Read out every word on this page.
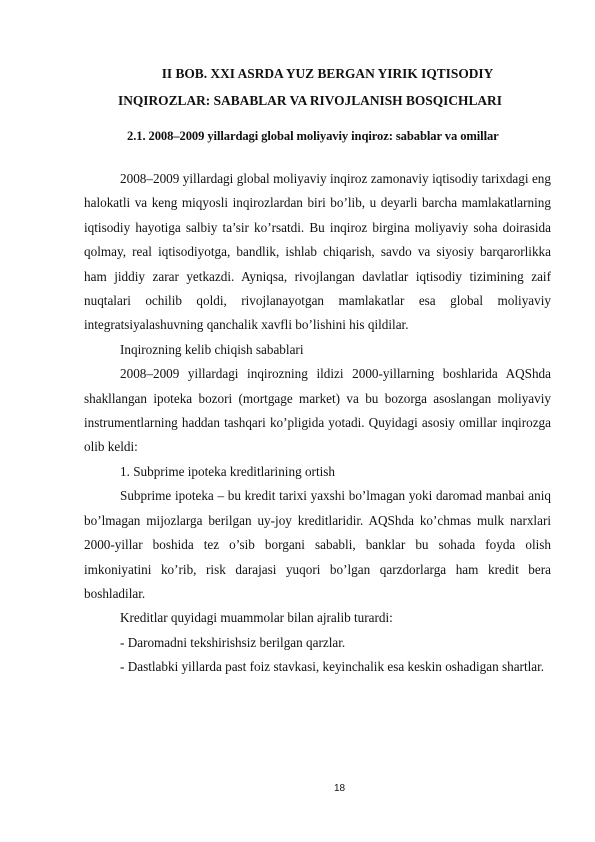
II BOB. XXI ASRDA YUZ BERGAN YIRIK IQTISODIY
INQIROZLAR: SABABLAR VA RIVOJLANISH BOSQICHLARI
2.1. 2008–2009 yillardagi global moliyaviy inqiroz: sabablar va omillar

2008–2009 yillardagi global moliyaviy inqiroz zamonaviy iqtisodiy tarixdagi eng halokatli va keng miqyosli inqirozlardan biri bo’lib, u deyarli barcha mamlakatlarning iqtisodiy hayotiga salbiy ta’sir ko’rsatdi. Bu inqiroz birgina moliyaviy soha doirasida qolmay, real iqtisodiyotga, bandlik, ishlab chiqarish, savdo va siyosiy barqarorlikka ham jiddiy zarar yetkazdi. Ayniqsa, rivojlangan davlatlar iqtisodiy tizimining zaif nuqtalari ochilib qoldi, rivojlanayotgan mamlakatlar esa global moliyaviy integratsiyalashuvning qanchalik xavfli bo’lishini his qildilar.

Inqirozning kelib chiqish sabablari

2008–2009 yillardagi inqirozning ildizi 2000-yillarning boshlarida AQShda shakllangan ipoteka bozori (mortgage market) va bu bozorga asoslangan moliyaviy instrumentlarning haddan tashqari ko’pligida yotadi. Quyidagi asosiy omillar inqirozga olib keldi:

1. Subprime ipoteka kreditlarining ortish

Subprime ipoteka – bu kredit tarixi yaxshi bo’lmagan yoki daromad manbai aniq bo’lmagan mijozlarga berilgan uy-joy kreditlaridir. AQShda ko’chmas mulk narxlari 2000-yillar boshida tez o’sib borgani sababli, banklar bu sohada foyda olish imkoniyatini ko’rib, risk darajasi yuqori bo’lgan qarzdorlarga ham kredit bera boshladilar.

Kreditlar quyidagi muammolar bilan ajralib turardi:

- Daromadni tekshirishsiz berilgan qarzlar.

- Dastlabki yillarda past foiz stavkasi, keyinchalik esa keskin oshadigan shartlar.

18
